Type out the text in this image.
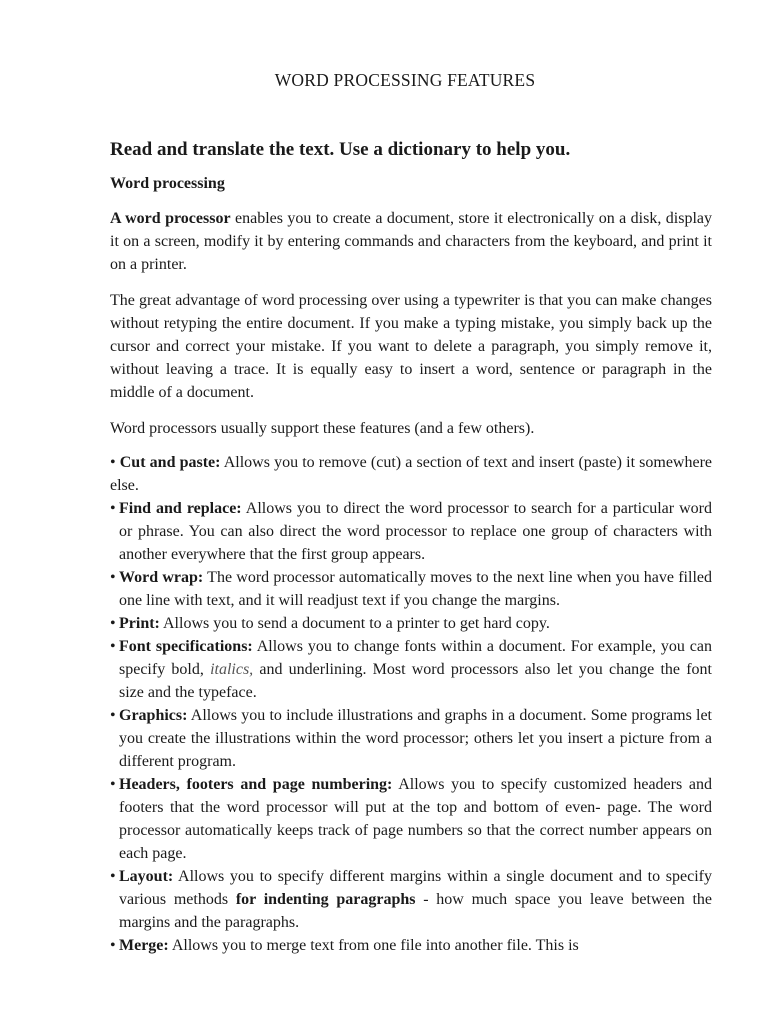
WORD PROCESSING FEATURES

Read and translate the text. Use a dictionary to help you.

Word processing

A word processor enables you to create a document, store it electronically on a disk, display it on a screen, modify it by entering commands and characters from the keyboard, and print it on a printer.

The great advantage of word processing over using a typewriter is that you can make changes without retyping the entire document. If you make a typing mistake, you simply back up the cursor and correct your mistake. If you want to delete a paragraph, you simply remove it, without leaving a trace. It is equally easy to insert a word, sentence or paragraph in the middle of a document.

Word processors usually support these features (and a few others).

• Cut and paste: Allows you to remove (cut) a section of text and insert (paste) it somewhere else.
• Find and replace: Allows you to direct the word processor to search for a particular word or phrase. You can also direct the word processor to replace one group of characters with another everywhere that the first group appears.
• Word wrap: The word processor automatically moves to the next line when you have filled one line with text, and it will readjust text if you change the margins.
• Print: Allows you to send a document to a printer to get hard copy.
• Font specifications: Allows you to change fonts within a document. For example, you can specify bold, italics, and underlining. Most word processors also let you change the font size and the typeface.
• Graphics: Allows you to include illustrations and graphs in a document. Some programs let you create the illustrations within the word processor; others let you insert a picture from a different program.
• Headers, footers and page numbering: Allows you to specify customized headers and footers that the word processor will put at the top and bottom of even- page. The word processor automatically keeps track of page numbers so that the correct number appears on each page.
• Layout: Allows you to specify different margins within a single document and to specify various methods for indenting paragraphs - how much space you leave between the margins and the paragraphs.
• Merge: Allows you to merge text from one file into another file. This is
